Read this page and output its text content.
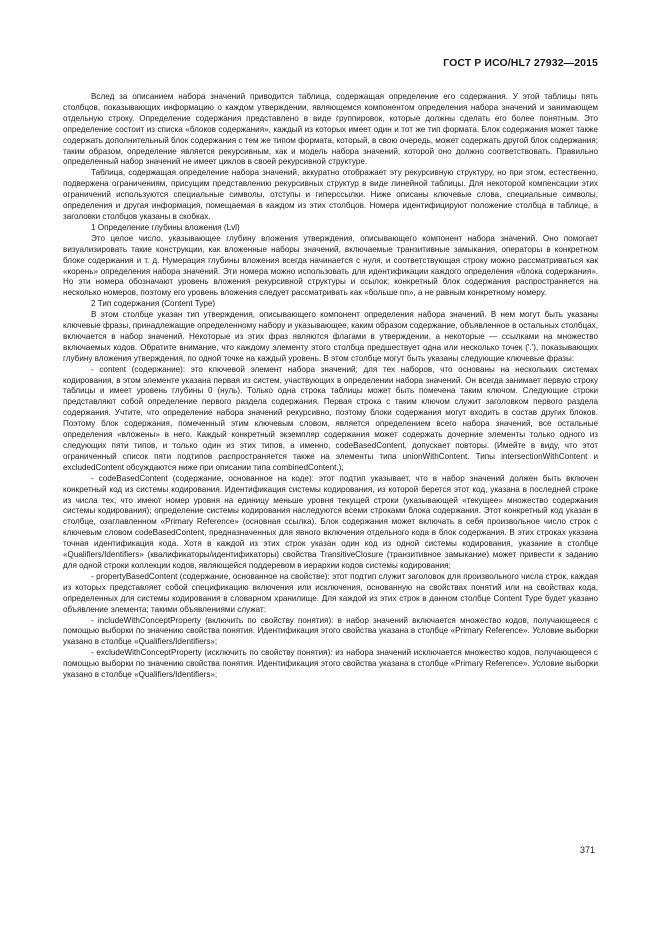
ГОСТ Р ИСО/HL7 27932—2015

Вслед за описанием набора значений приводится таблица, содержащая определение его содержания. У этой таблицы пять столбцов, показывающих информацию о каждом утверждении, являющемся компонентом определения набора значений и занимающем отдельную строку. Определение содержания представлено в виде группировок, которые должны сделать его более понятным. Это определение состоит из списка «блоков содержания», каждый из которых имеет один и тот же тип формата. Блок содержания может также содержать дополнительный блок содержания с тем же типом формата, который, в свою очередь, может содержать другой блок содержания; таким образом, определение является рекурсивным, как и модель набора значений, которой оно должно соответствовать. Правильно определенный набор значений не имеет циклов в своей рекурсивной структуре.

Таблица, содержащая определение набора значений, аккуратно отображает эту рекурсивную структуру, но при этом, естественно, подвержена ограничениям, присущим представлению рекурсивных структур в виде линейной таблицы. Для некоторой компенсации этих ограничений используются специальные символы, отступы и гиперссылки. Ниже описаны ключевые слова, специальные символы, определения и другая информация, помещаемая в каждом из этих столбцов. Номера идентифицируют положение столбца в таблице, а заголовки столбцов указаны в скобках.

1 Определение глубины вложения (Lvl)

Это целое число, указывающее глубину вложения утверждения, описывающего компонент набора значений. Оно помогает визуализировать такие конструкции, как вложенные наборы значений, включаемые транзитивные замыкания, операторы в конкретном блоке содержания и т. д. Нумерация глубины вложения всегда начинается с нуля, и соответствующая строку можно рассматриваться как «корень» определения набора значений. Эти номера можно использовать для идентификации каждого определения «блока содержания». Но эти номера обозначают уровень вложения рекурсивной структуры и ссылок; конкретный блок содержания распространяется на несколько номеров, поэтому его уровень вложения следует рассматривать как «больше nn», а не равным конкретному номеру.

2 Тип содержания (Content Type)

В этом столбце указан тип утверждения, описывающего компонент определения набора значений. В нем могут быть указаны ключевые фразы, принадлежащие определенному набору и указывающее, каким образом содержание, объявленное в остальных столбцах, включается в набор значений. Некоторые из этих фраз являются флагами в утверждении, а некоторые — ссылками на множество включаемых кодов. Обратите внимание, что каждому элементу этого столбца предшествует одна или несколько точек ('.'), показывающих глубину вложения утверждения, по одной точке на каждый уровень. В этом столбце могут быть указаны следующие ключевые фразы:

- content (содержание): это ключевой элемент набора значений; для тех наборов, что основаны на нескольких системах кодирования, в этом элементе указана первая из систем, участвующих в определении набора значений. Он всегда занимает первую строку таблицы и имеет уровень глубины 0 (нуль). Только одна строка таблицы может быть помечена таким ключом. Следующие строки представляют собой определение первого раздела содержания. Первая строка с таким ключом служит заголовком первого раздела содержания. Учтите, что определение набора значений рекурсивно, поэтому блоки содержания могут входить в состав других блоков. Поэтому блок содержания, помеченный этим ключевым словом, является определением всего набора значений, все остальные определения «вложены» в него. Каждый конкретный экземпляр содержания может содержать дочерние элементы только одного из следующих пяти типов, и только один из этих типов, а именно, codeBasedContent, допускает повторы. (Имейте в виду, что этот ограниченный список пяти подтипов распространяется также на элементы типа unionWithContent. Типы intersectionWithContent и excludedContent обсуждаются ниже при описании типа combinedContent.);

- codeBasedContent (содержание, основанное на коде): этот подтип указывает, что в набор значений должен быть включен конкретный код из системы кодирования. Идентификация системы кодирования, из которой берется этот код, указана в последней строке из числа тех, что имеют номер уровня на единицу меньше уровня текущей строки (указывающей «текущее» множество содержания системы кодирования); определение системы кодирования наследуются всеми строками блока содержания. Этот конкретный код указан в столбце, озаглавленном «Primary Reference» (основная ссылка). Блок содержания может включать в себя произвольное число строк с ключевым словом codeBasedContent, предназначенных для явного включения отдельного кода в блок содержания. В этих строках указана точная идентификация кода. Хотя в каждой из этих строк указан один код из одной системы кодирования, указание в столбце «Qualifiers/Identifiers» (квалификаторы/идентификаторы) свойства TransitiveClosure (транзитивное замыкание) может привести к заданию для одной строки коллекции кодов, являющейся поддеревом в иерархии кодов системы кодирования;

- propertyBasedContent (содержание, основанное на свойстве): этот подтип служит заголовок для произвольного числа строк, каждая из которых представляет собой спецификацию включения или исключения, основанную на свойствах понятий или на свойствах кода, определенных для системы кодирования в словарном хранилище. Для каждой из этих строк в данном столбце Content Type будет указано объявление элемента; такими объявлениями служат:

- includeWithConceptProperty (включить по свойству понятия): в набор значений включается множество кодов, получающееся с помощью выборки по значению свойства понятия. Идентификация этого свойства указана в столбце «Primary Reference». Условие выборки указано в столбце «Qualifiers/Identifiers»;

- excludeWithConceptProperty (исключить по свойству понятия): из набора значений исключается множество кодов, получающееся с помощью выборки по значению свойства понятия. Идентификация этого свойства указана в столбце «Primary Reference». Условие выборки указано в столбце «Qualifiers/Identifiers»;

371
